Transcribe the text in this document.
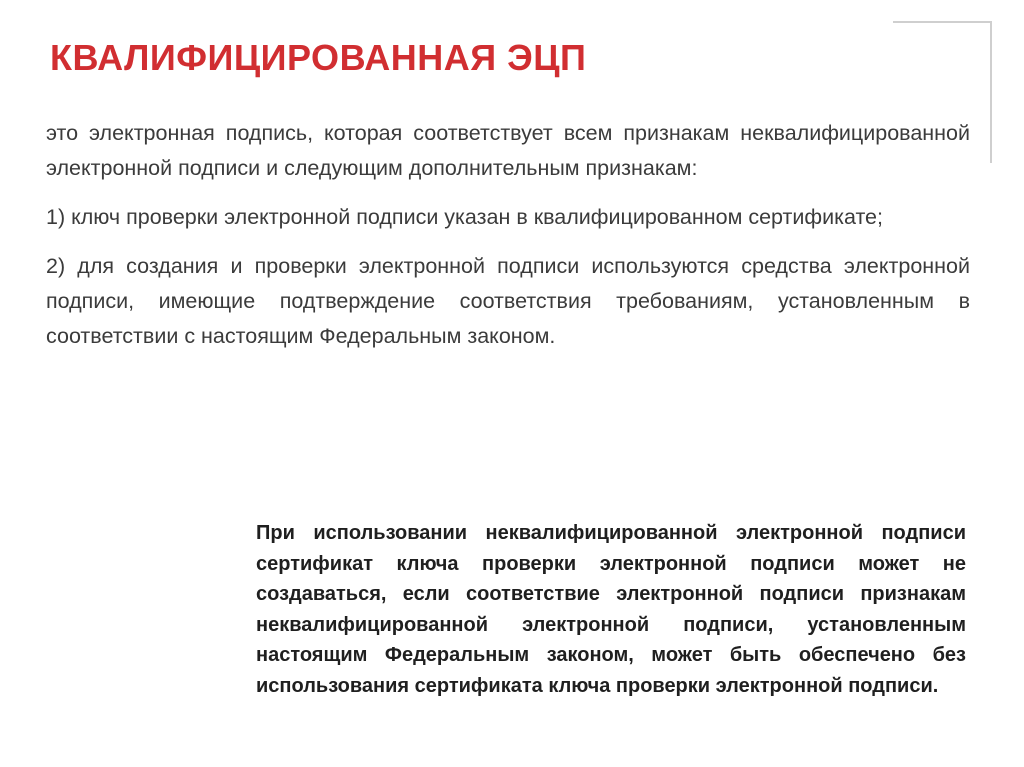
КВАЛИФИЦИРОВАННАЯ ЭЦП

это электронная подпись, которая соответствует всем признакам неквалифицированной электронной подписи и следующим дополнительным признакам:

1) ключ проверки электронной подписи указан в квалифицированном сертификате;

2) для создания и проверки электронной подписи используются средства электронной подписи, имеющие подтверждение соответствия требованиям, установленным в соответствии с настоящим Федеральным законом.

При использовании неквалифицированной электронной подписи сертификат ключа проверки электронной подписи может не создаваться, если соответствие электронной подписи признакам неквалифицированной электронной подписи, установленным настоящим Федеральным законом, может быть обеспечено без использования сертификата ключа проверки электронной подписи.
